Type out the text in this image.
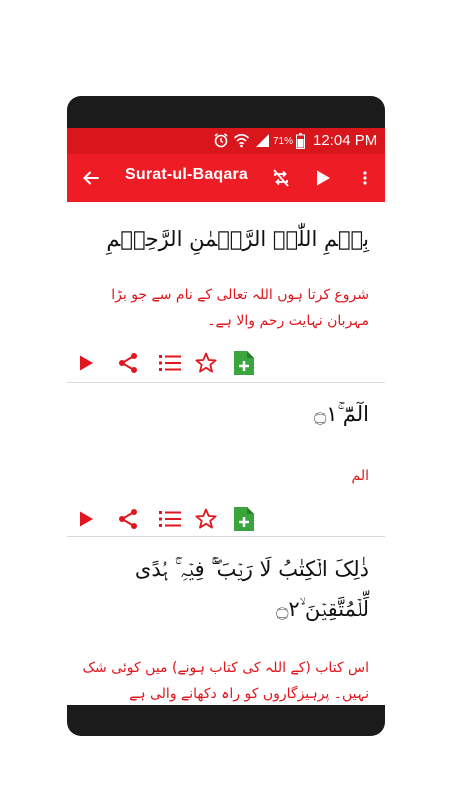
71% 12:04 PM
Surat-ul-Baqara
بِسۡمِ اللّٰہِ الرَّحۡمٰنِ الرَّحِیۡمِ
شروع کرتا ہوں اللہ تعالی کے نام سے جو بڑا مہربان نہایت رحم والا ہے۔
الٓمّٓ ۚ۝۱
الم
ذٰلِکَ الۡکِتٰبُ لَا رَیۡبَ ۚۖۛ فِیۡہِ ۚۛ ہُدًی لِّلۡمُتَّقِیۡنَ ۙ۝۲
اس کتاب (کے اللہ کی کتاب ہونے) میں کوئی شک نہیں۔ پرہیزگاروں کو راہ دکھانے والی ہے
